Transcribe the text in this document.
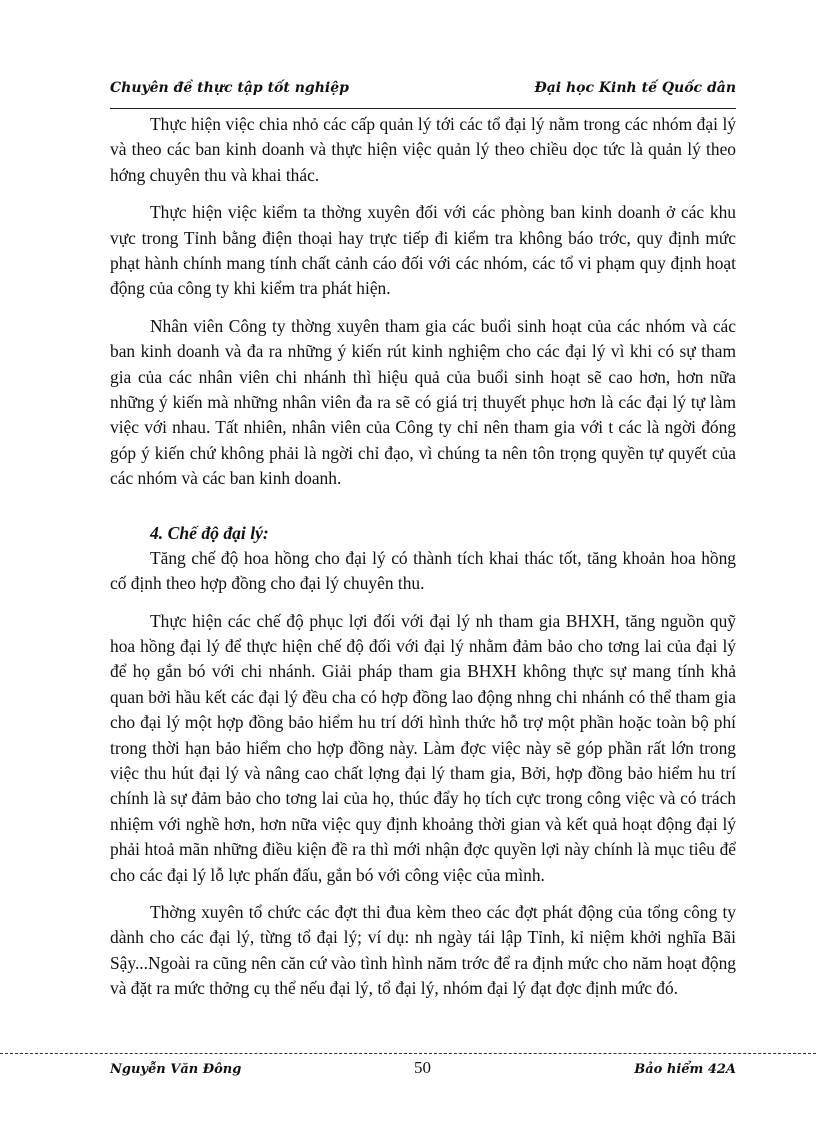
Chuyên đề thực tập tốt nghiệp	Đại học Kinh tế Quốc dân

Thực hiện việc chia nhỏ các cấp quản lý tới các tổ đại lý nằm trong các nhóm đại lý và theo các ban kinh doanh và thực hiện việc quản lý theo chiều dọc tức là quản lý theo hớng chuyên thu và khai thác.

Thực hiện việc kiểm ta thờng xuyên đối với các phòng ban kinh doanh ở các khu vực trong Tỉnh bằng điện thoại hay trực tiếp đi kiểm tra không báo trớc, quy định mức phạt hành chính mang tính chất cảnh cáo đối với các nhóm, các tổ vi phạm quy định hoạt động của công ty khi kiểm tra phát hiện.

Nhân viên Công ty thờng xuyên tham gia các buổi sinh hoạt của các nhóm và các ban kinh doanh và đa ra những ý kiến rút kinh nghiệm cho các đại lý vì khi có sự tham gia của các nhân viên chi nhánh thì hiệu quả của buổi sinh hoạt sẽ cao hơn, hơn nữa những ý kiến mà những nhân viên đa ra sẽ có giá trị thuyết phục hơn là các đại lý tự làm việc với nhau. Tất nhiên, nhân viên của Công ty chỉ nên tham gia với t các là ngời đóng góp ý kiến chứ không phải là ngời chỉ đạo, vì chúng ta nên tôn trọng quyền tự quyết của các nhóm và các ban kinh doanh.

4. Chế độ đại lý:

Tăng chế độ hoa hồng cho đại lý có thành tích khai thác tốt, tăng khoản hoa hồng cố định theo hợp đồng cho đại lý chuyên thu.

Thực hiện các chế độ phục lợi đối với đại lý nh tham gia BHXH, tăng nguồn quỹ hoa hồng đại lý để thực hiện chế độ đối với đại lý nhằm đảm bảo cho tơng lai của đại lý để họ gắn bó với chi nhánh. Giải pháp tham gia BHXH không thực sự mang tính khả quan bởi hầu kết các đại lý đều cha có hợp đồng lao động nhng chi nhánh có thể tham gia cho đại lý một hợp đồng bảo hiểm hu trí dới hình thức hỗ trợ một phần hoặc toàn bộ phí trong thời hạn bảo hiểm cho hợp đồng này. Làm đợc việc này sẽ góp phần rất lớn trong việc thu hút đại lý và nâng cao chất lợng đại lý tham gia, Bởi, hợp đồng bảo hiểm hu trí chính là sự đảm bảo cho tơng lai của họ, thúc đẩy họ tích cực trong công việc và có trách nhiệm với nghề hơn, hơn nữa việc quy định khoảng thời gian và kết quả hoạt động đại lý phải htoả mãn những điều kiện đề ra thì mới nhận đợc quyền lợi này chính là mục tiêu để cho các đại lý lỗ lực phấn đấu, gắn bó với công việc của mình.

Thờng xuyên tổ chức các đợt thi đua kèm theo các đợt phát động của tổng công ty dành cho các đại lý, từng tổ đại lý; ví dụ: nh ngày tái lập Tỉnh, kỉ niệm khởi nghĩa Bãi Sậy...Ngoài ra cũng nên căn cứ vào tình hình năm trớc để ra định mức cho năm hoạt động và đặt ra mức thởng cụ thể nếu đại lý, tổ đại lý, nhóm đại lý đạt đợc định mức đó.

Nguyễn Văn Đông	50	Bảo hiểm 42A
